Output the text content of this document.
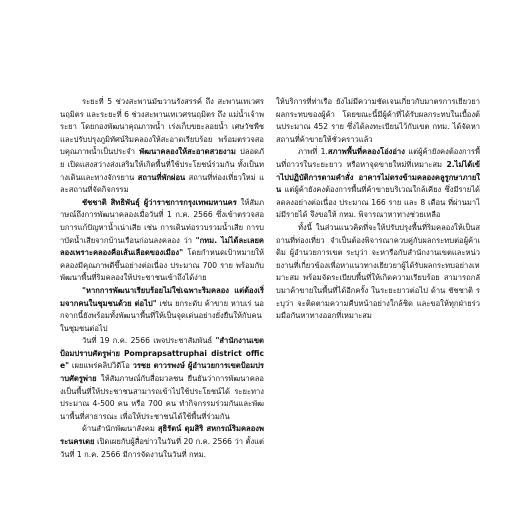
ระยะที่ 5 ช่วงสะพานมัฆวานรังสรรค์ ถึง สะพานเทเวศรนฤมิตร และระยะที่ 6 ช่วงสะพานเทเวศรนฤมิตร ถึง แม่น้ำเจ้าพระยา โดยกองพัฒนาคุณภาพน้ำ เร่งเก็บขยะลอยน้ำ เศษวัชพืช และปรับปรุงภูมิทัศน์ริมคลองให้สะอาดเรียบร้อย พร้อมตรวจสอบคุณภาพน้ำเป็นประจำ พัฒนาคลองให้สะอาดสวยงาม ปลอดภัย เปิดแสงสว่างส่งเสริมให้เกิดพื้นที่ใช้ประโยชน์ร่วมกัน ทั้งเป็นทางเดินและทางจักรยาน สถานที่พักผ่อน สถานที่ท่องเที่ยวใหม่ และสถานที่จัดกิจกรรม

ชัชชาติ สิทธิพันธุ์ ผู้ว่าราชการกรุงเทพมหานคร ให้สัมภาษณ์ถึงการพัฒนาคลองเมื่อวันที่ 1 ก.ค. 2566 ซึ่งเข้าตรวจสอบการแก้ปัญหาน้ำเน่าเสีย เช่น การเดินท่อรวบรวมน้ำเสีย การบำบัดน้ำเสียจากบ้านเรือนก่อนลงคลอง ว่า "กทม. ไม่ได้ละเลยคลองเพราะคลองคือเส้นเลือดของเมือง" โดยกำหนดเป้าหมายให้คลองมีคุณภาพดีขึ้นอย่างต่อเนื่อง ประมาณ 700 ราย พร้อมกับพัฒนาพื้นที่ริมคลองให้ประชาชนเข้าถึงได้ง่าย

"หากการพัฒนาเรียบร้อยไม่ใช่เฉพาะริมคลอง แต่ต้องเริ่มจากคนในชุมชนด้วย ต่อไป" เช่น ยกระดับ ค้าขาย หาบเร่ นอกจากนี้ยังพร้อมทั้งพัฒนาพื้นที่ให้เป็นจุดเด่นอย่างยั่งยืนให้กับคนในชุมชนต่อไป

วันที่ 19 ก.ค. 2566 เพจประชาสัมพันธ์ "สำนักงานเขตป้อมปราบศัตรูพ่าย Pomprapsattruphai district office" เผยแพร่คลิปวิดีโอ วรชย ตาวรพงษ์ ผู้อำนวยการเขตป้อมปราบศัตรูพ่าย ให้สัมภาษณ์กับสื่อมวลชน ยืนยันว่าการพัฒนาคลองเป็นพื้นที่ให้ประชาชนสามารถเข้าไปใช้ประโยชน์ได้ ระยะทางประมาณ 4-500 คน หรือ 700 คน ทำกิจกรรมร่วมกันและพัฒนาพื้นที่สาธารณะ เพื่อให้ประชาชนได้ใช้พื้นที่ร่วมกัน

ด้านสำนักพัฒนาสังคม สุธิรัตน์ ดุมสิริ สหกรณ์ริมคลองพระนครเดย เปิดเผยกับผู้สื่อข่าวในวันที่ 20 ก.ค. 2566 ว่า ตั้งแต่วันที่ 1 ก.ค. 2566 มีการจัดงานในวันที่ กทม.

ให้บริการที่ท่าเรือ ยังไม่มีความชัดเจนเกี่ยวกับมาตรการเยียวยาผลกระทบของผู้ค้า โดยขณะนี้มีผู้ค้าที่ได้รับผลกระทบในเบื้องต้นประมาณ 452 ราย ซึ่งได้ลงทะเบียนไว้กับเขต กทม. ได้จัดหาสถานที่ค้าขายให้ชั่วคราวแล้ว

ภาพที่ 1.สภาพพื้นที่คลองโอ่งอ่าง แต่ผู้ค้ายังคงต้องการพื้นที่ถาวรในระยะยาว หรือหาจุดขายใหม่ที่เหมาะสม 2.ไม่ได้เข้าไปปฏิบัติการตามคำสั่ง อาคารไม่ตรงข้ามคลองคลูรูกษาภายใน แต่ผู้ค้ายังคงต้องการพื้นที่ค้าขายบริเวณใกล้เคียง ซึ่งมีรายได้ลดลงอย่างต่อเนื่อง ประมาณ 166 ราย และ 8 เดือน ที่ผ่านมาไม่มีรายได้ จึงขอให้ กทม. พิจารณาหาทางช่วยเหลือ

ทั้งนี้ ในส่วนแนวคิดที่จะให้ปรับปรุงพื้นที่ริมคลองให้เป็นสถานที่ท่องเที่ยว จำเป็นต้องพิจารณาควบคู่กับผลกระทบต่อผู้ค้าเดิม ผู้อำนวยการเขต ระบุว่า จะหารือกับสำนักงานเขตและหน่วยงานที่เกี่ยวข้องเพื่อหาแนวทางเยียวยาผู้ได้รับผลกระทบอย่างเหมาะสม พร้อมจัดระเบียบพื้นที่ให้เกิดความเรียบร้อย สามารถกลับมาค้าขายในพื้นที่ได้อีกครั้ง ในระยะยาวต่อไป ด้าน ชัชชาติ ระบุว่า จะติดตามความคืบหน้าอย่างใกล้ชิด และขอให้ทุกฝ่ายร่วมมือกันหาทางออกที่เหมาะสม
